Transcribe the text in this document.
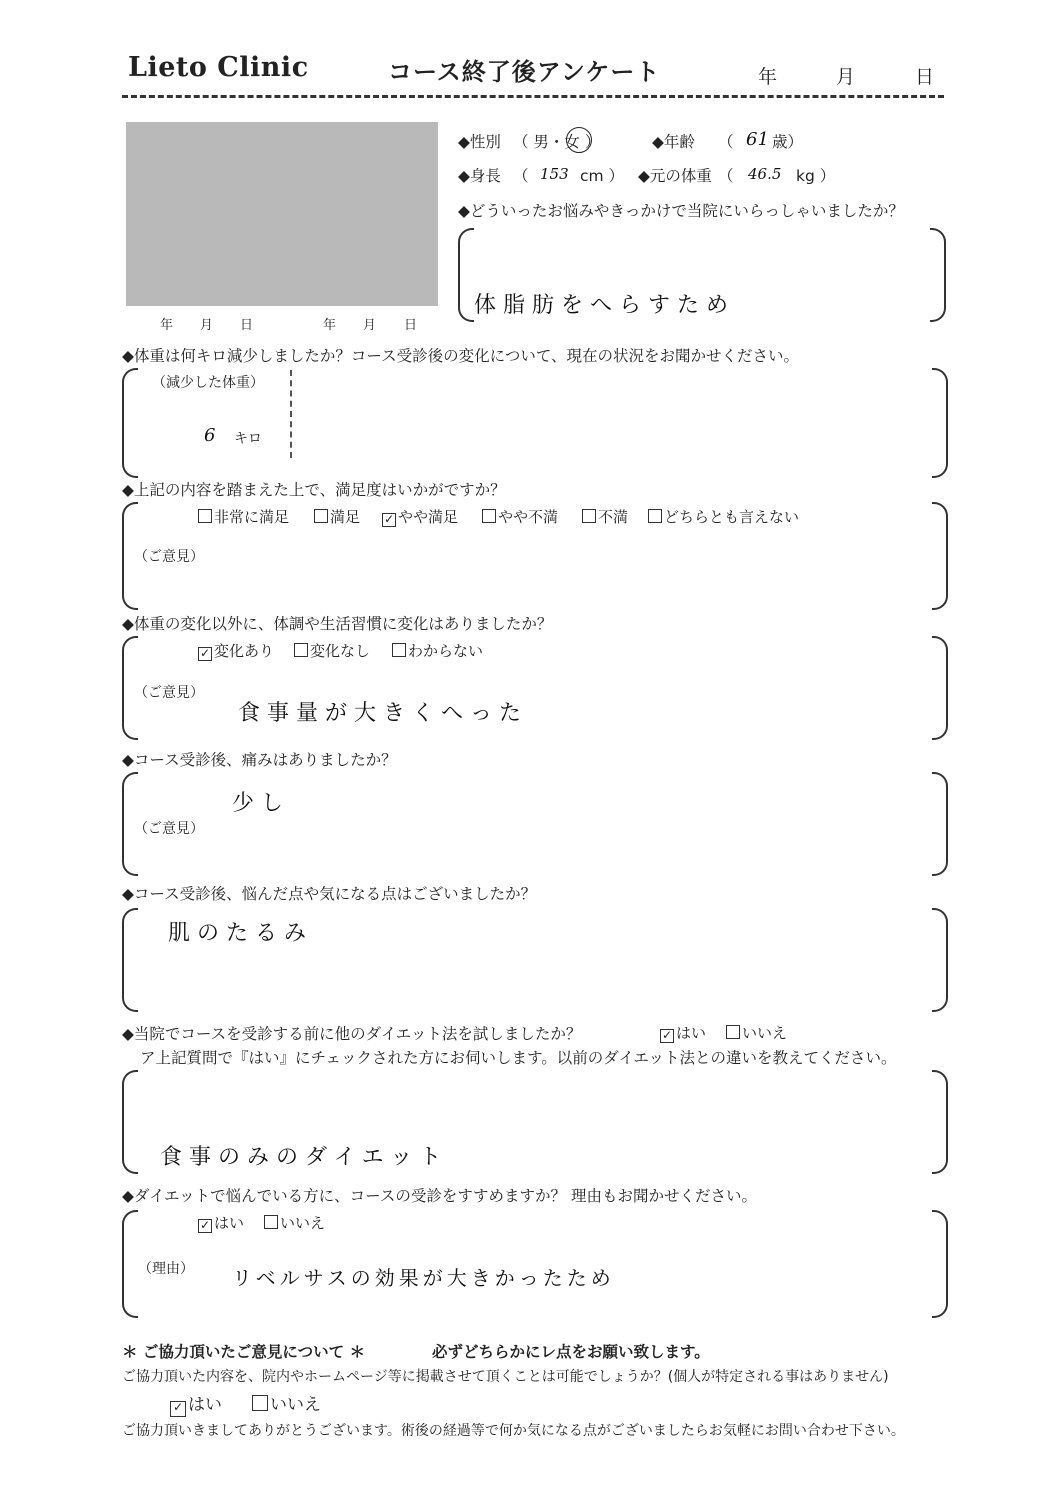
Lieto Clinic	コース終了後アンケート	年	月	日
年 月 日	年 月 日
◆性別 （ 男・女 ）	◆年齢 （ 61 歳）
◆身長 （ 153 cm ） ◆元の体重 （ 46.5 kg ）
◆どういったお悩みやきっかけで当院にいらっしゃいましたか？
体脂肪をへらすため
◆体重は何キロ減少しましたか？コース受診後の変化について、現在の状況をお聞かせください。
（減少した体重）
6 キロ
◆上記の内容を踏まえた上で、満足度はいかがですか？
非常に満足	満足 ✓ やや満足	やや不満	不満	どちらとも言えない
（ご意見）
◆体重の変化以外に、体調や生活習慣に変化はありましたか？
✓ 変化あり	変化なし	わからない
（ご意見）
食事量が大きくへった
◆コース受診後、痛みはありましたか？
少し
（ご意見）
◆コース受診後、悩んだ点や気になる点はございましたか？
肌のたるみ
◆当院でコースを受診する前に他のダイエット法を試しましたか？	✓ はい	いいえ
ア上記質問で『はい』にチェックされた方にお伺いします。以前のダイエット法との違いを教えてください。
食事のみのダイエット
◆ダイエットで悩んでいる方に、コースの受診をすすめますか？ 理由もお聞かせください。
✓ はい	いいえ
（理由） リベルサスの効果が大きかったため
＊ ご協力頂いたご意見について ＊	必ずどちらかにレ点をお願い致します。
ご協力頂いた内容を、院内やホームページ等に掲載させて頂くことは可能でしょうか？(個人が特定される事はありません)
✓ はい	いいえ
ご協力頂いきましてありがとうございます。術後の経過等で何か気になる点がございましたらお気軽にお問い合わせ下さい。
